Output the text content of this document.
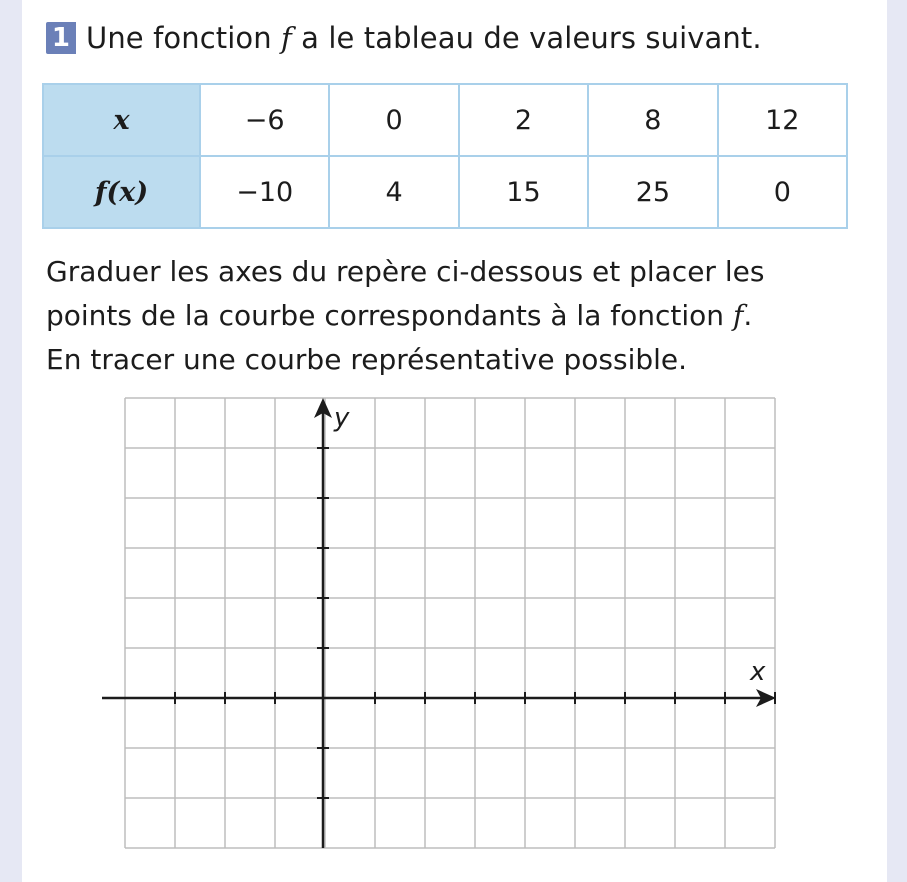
1 Une fonction f a le tableau de valeurs suivant.
x	−6	0	2	8	12
f(x)	−10	4	15	25	0

Graduer les axes du repère ci-dessous et placer les

points de la courbe correspondants à la fonction f.

En tracer une courbe représentative possible.

x
y
